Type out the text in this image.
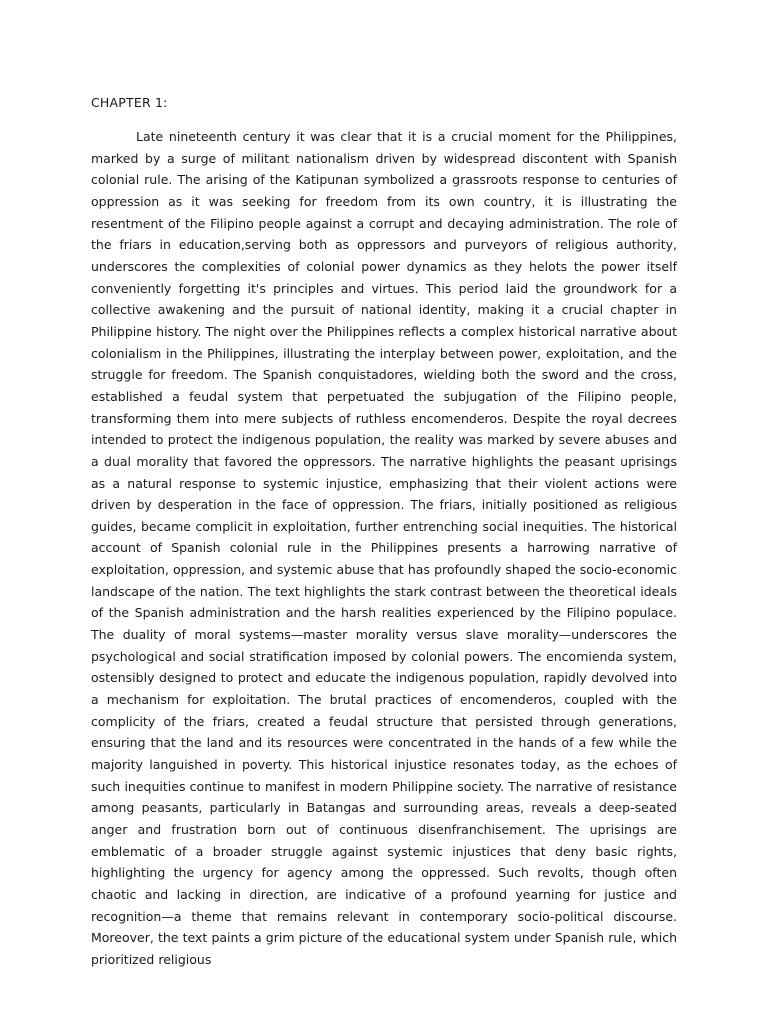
CHAPTER 1:

Late nineteenth century it was clear that it is a crucial moment for the Philippines, marked by a surge of militant nationalism driven by widespread discontent with Spanish colonial rule. The arising of the Katipunan symbolized a grassroots response to centuries of oppression as it was seeking for freedom from its own country, it is illustrating the resentment of the Filipino people against a corrupt and decaying administration. The role of the friars in education,serving both as oppressors and purveyors of religious authority, underscores the complexities of colonial power dynamics as they helots the power itself conveniently forgetting it's principles and virtues. This period laid the groundwork for a collective awakening and the pursuit of national identity, making it a crucial chapter in Philippine history. The night over the Philippines reflects a complex historical narrative about colonialism in the Philippines, illustrating the interplay between power, exploitation, and the struggle for freedom. The Spanish conquistadores, wielding both the sword and the cross, established a feudal system that perpetuated the subjugation of the Filipino people, transforming them into mere subjects of ruthless encomenderos. Despite the royal decrees intended to protect the indigenous population, the reality was marked by severe abuses and a dual morality that favored the oppressors. The narrative highlights the peasant uprisings as a natural response to systemic injustice, emphasizing that their violent actions were driven by desperation in the face of oppression. The friars, initially positioned as religious guides, became complicit in exploitation, further entrenching social inequities. The historical account of Spanish colonial rule in the Philippines presents a harrowing narrative of exploitation, oppression, and systemic abuse that has profoundly shaped the socio-economic landscape of the nation. The text highlights the stark contrast between the theoretical ideals of the Spanish administration and the harsh realities experienced by the Filipino populace. The duality of moral systems—master morality versus slave morality—underscores the psychological and social stratification imposed by colonial powers. The encomienda system, ostensibly designed to protect and educate the indigenous population, rapidly devolved into a mechanism for exploitation. The brutal practices of encomenderos, coupled with the complicity of the friars, created a feudal structure that persisted through generations, ensuring that the land and its resources were concentrated in the hands of a few while the majority languished in poverty. This historical injustice resonates today, as the echoes of such inequities continue to manifest in modern Philippine society. The narrative of resistance among peasants, particularly in Batangas and surrounding areas, reveals a deep-seated anger and frustration born out of continuous disenfranchisement. The uprisings are emblematic of a broader struggle against systemic injustices that deny basic rights, highlighting the urgency for agency among the oppressed. Such revolts, though often chaotic and lacking in direction, are indicative of a profound yearning for justice and recognition—a theme that remains relevant in contemporary socio-political discourse. Moreover, the text paints a grim picture of the educational system under Spanish rule, which prioritized religious
